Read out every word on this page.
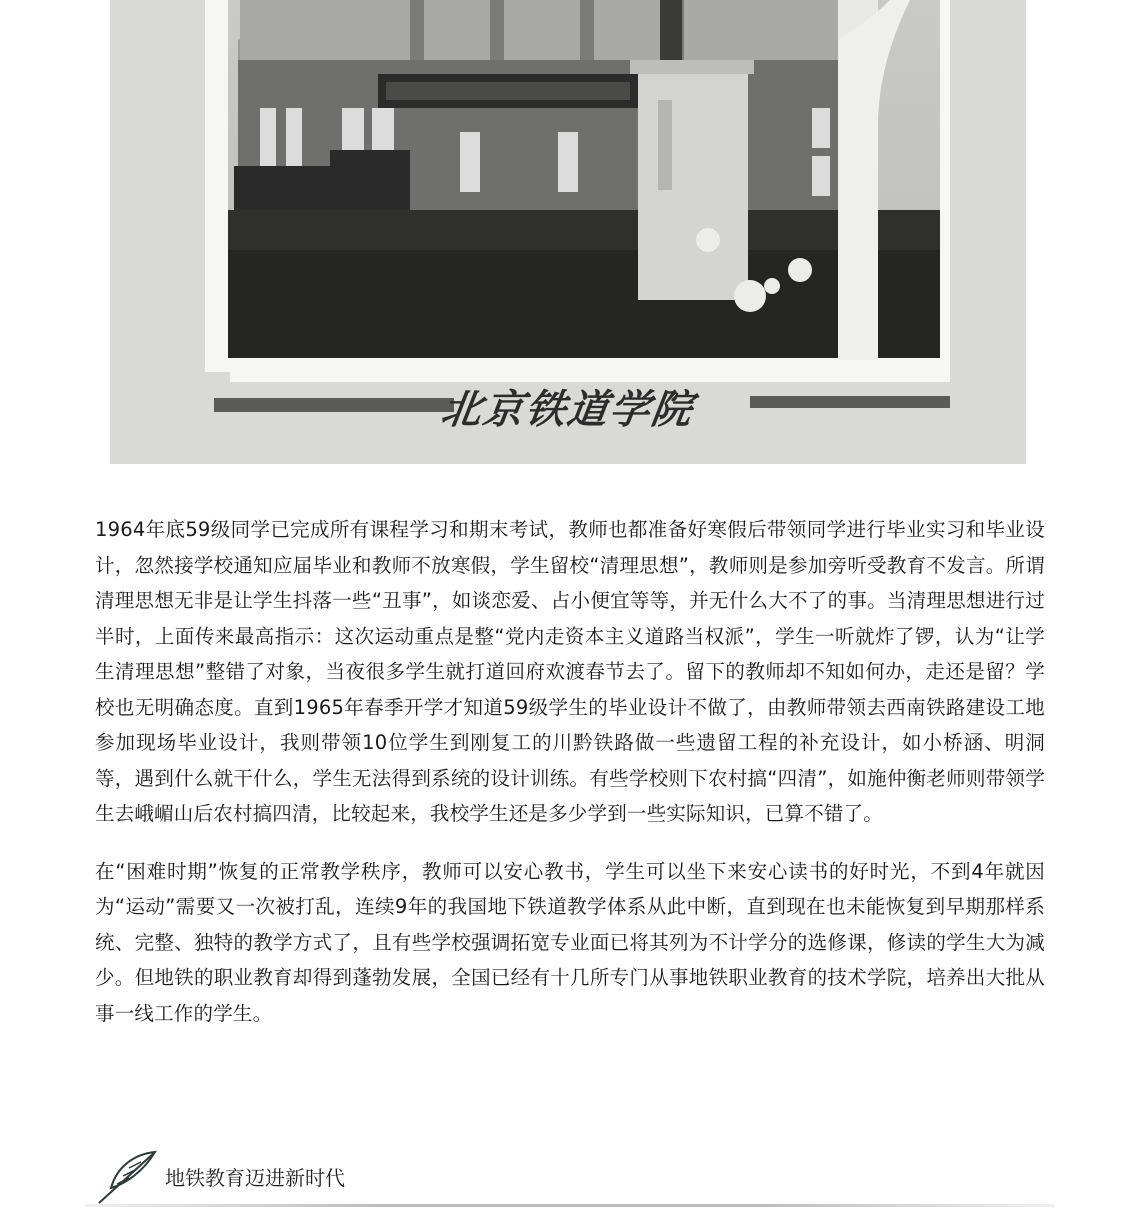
北京铁道学院

1964年底59级同学已完成所有课程学习和期末考试，教师也都准备好寒假后带领同学进行毕业实习和毕业设计，忽然接学校通知应届毕业和教师不放寒假，学生留校“清理思想”，教师则是参加旁听受教育不发言。所谓清理思想无非是让学生抖落一些“丑事”，如谈恋爱、占小便宜等等，并无什么大不了的事。当清理思想进行过半时，上面传来最高指示：这次运动重点是整“党内走资本主义道路当权派”，学生一听就炸了锣，认为“让学生清理思想”整错了对象，当夜很多学生就打道回府欢渡春节去了。留下的教师却不知如何办，走还是留？学校也无明确态度。直到1965年春季开学才知道59级学生的毕业设计不做了，由教师带领去西南铁路建设工地参加现场毕业设计，我则带领10位学生到刚复工的川黔铁路做一些遗留工程的补充设计，如小桥涵、明洞等，遇到什么就干什么，学生无法得到系统的设计训练。有些学校则下农村搞“四清”，如施仲衡老师则带领学生去峨嵋山后农村搞四清，比较起来，我校学生还是多少学到一些实际知识，已算不错了。

在“困难时期”恢复的正常教学秩序，教师可以安心教书，学生可以坐下来安心读书的好时光，不到4年就因为“运动”需要又一次被打乱，连续9年的我国地下铁道教学体系从此中断，直到现在也未能恢复到早期那样系统、完整、独特的教学方式了，且有些学校强调拓宽专业面已将其列为不计学分的选修课，修读的学生大为减少。但地铁的职业教育却得到蓬勃发展，全国已经有十几所专门从事地铁职业教育的技术学院，培养出大批从事一线工作的学生。

地铁教育迈进新时代
